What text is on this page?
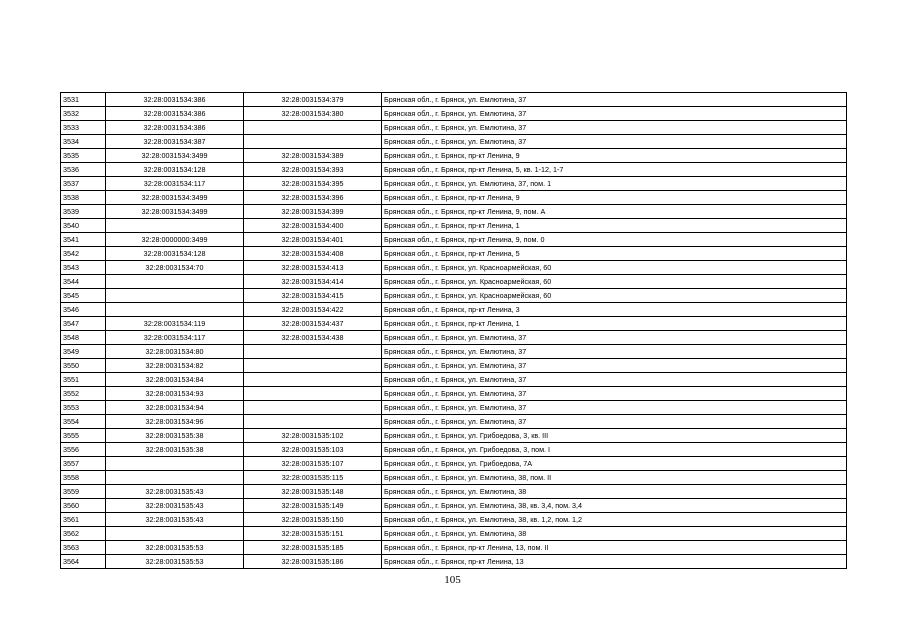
3531	32:28:0031534:386	32:28:0031534:379	Брянская обл., г. Брянск, ул. Емлютина, 37
3532	32:28:0031534:386	32:28:0031534:380	Брянская обл., г. Брянск, ул. Емлютина, 37
3533	32:28:0031534:386		Брянская обл., г. Брянск, ул. Емлютина, 37
3534	32:28:0031534:387		Брянская обл., г. Брянск, ул. Емлютина, 37
3535	32:28:0031534:3499	32:28:0031534:389	Брянская обл., г. Брянск, пр-кт Ленина, 9
3536	32:28:0031534:128	32:28:0031534:393	Брянская обл., г. Брянск, пр-кт Ленина, 5, кв. 1-12, 1-7
3537	32:28:0031534:117	32:28:0031534:395	Брянская обл., г. Брянск, ул. Емлютина, 37, пом. 1
3538	32:28:0031534:3499	32:28:0031534:396	Брянская обл., г. Брянск, пр-кт Ленина, 9
3539	32:28:0031534:3499	32:28:0031534:399	Брянская обл., г. Брянск, пр-кт Ленина, 9, пом. А
3540		32:28:0031534:400	Брянская обл., г. Брянск, пр-кт Ленина, 1
3541	32:28:0000000:3499	32:28:0031534:401	Брянская обл., г. Брянск, пр-кт Ленина, 9, пом. 0
3542	32:28:0031534:128	32:28:0031534:408	Брянская обл., г. Брянск, пр-кт Ленина, 5
3543	32:28:0031534:70	32:28:0031534:413	Брянская обл., г. Брянск, ул. Красноармейская, 60
3544		32:28:0031534:414	Брянская обл., г. Брянск, ул. Красноармейская, 60
3545		32:28:0031534:415	Брянская обл., г. Брянск, ул. Красноармейская, 60
3546		32:28:0031534:422	Брянская обл., г. Брянск, пр-кт Ленина, 3
3547	32:28:0031534:119	32:28:0031534:437	Брянская обл., г. Брянск, пр-кт Ленина, 1
3548	32:28:0031534:117	32:28:0031534:438	Брянская обл., г. Брянск, ул. Емлютина, 37
3549	32:28:0031534:80		Брянская обл., г. Брянск, ул. Емлютина, 37
3550	32:28:0031534:82		Брянская обл., г. Брянск, ул. Емлютина, 37
3551	32:28:0031534:84		Брянская обл., г. Брянск, ул. Емлютина, 37
3552	32:28:0031534:93		Брянская обл., г. Брянск, ул. Емлютина, 37
3553	32:28:0031534:94		Брянская обл., г. Брянск, ул. Емлютина, 37
3554	32:28:0031534:96		Брянская обл., г. Брянск, ул. Емлютина, 37
3555	32:28:0031535:38	32:28:0031535:102	Брянская обл., г. Брянск, ул. Грибоедова, 3, кв. III
3556	32:28:0031535:38	32:28:0031535:103	Брянская обл., г. Брянск, ул. Грибоедова, 3, пом. I
3557		32:28:0031535:107	Брянская обл., г. Брянск, ул. Грибоедова, 7А
3558		32:28:0031535:115	Брянская обл., г. Брянск, ул. Емлютина, 38, пом. II
3559	32:28:0031535:43	32:28:0031535:148	Брянская обл., г. Брянск, ул. Емлютина, 38
3560	32:28:0031535:43	32:28:0031535:149	Брянская обл., г. Брянск, ул. Емлютина, 38, кв. 3,4, пом. 3,4
3561	32:28:0031535:43	32:28:0031535:150	Брянская обл., г. Брянск, ул. Емлютина, 38, кв. 1,2, пом. 1,2
3562		32:28:0031535:151	Брянская обл., г. Брянск, ул. Емлютина, 38
3563	32:28:0031535:53	32:28:0031535:185	Брянская обл., г. Брянск, пр-кт Ленина, 13, пом. II
3564	32:28:0031535:53	32:28:0031535:186	Брянская обл., г. Брянск, пр-кт Ленина, 13
105
